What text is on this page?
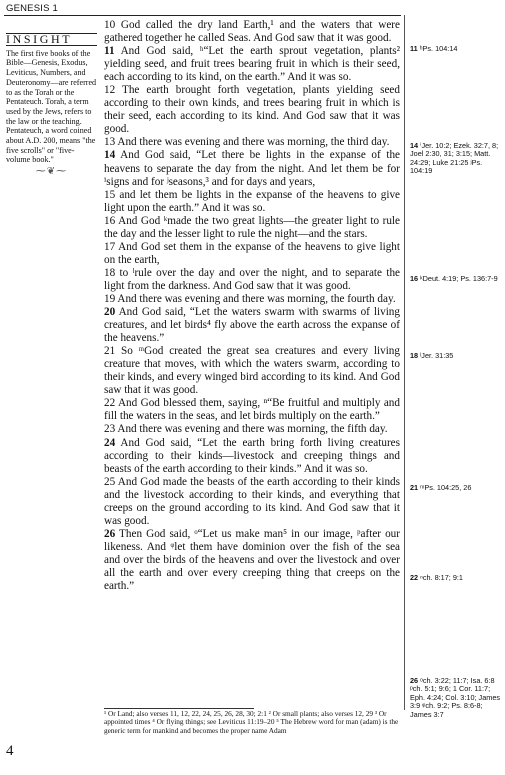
GENESIS 1
INSIGHT
The first five books of the Bible—Genesis, Exodus, Leviticus, Numbers, and Deuteronomy—are referred to as the Torah or the Pentateuch. Torah, a term used by the Jews, refers to the law or the teaching. Pentateuch, a word coined about A.D. 200, means "the five scrolls" or "five-volume book."
⁓❦⁓

10 God called the dry land Earth,¹ and the waters that were gathered together he called Seas. And God saw that it was good.

11 And God said, ʰ“Let the earth sprout vegetation, plants² yielding seed, and fruit trees bearing fruit in which is their seed, each according to its kind, on the earth.” And it was so.

12 The earth brought forth vegetation, plants yielding seed according to their own kinds, and trees bearing fruit in which is their seed, each according to its kind. And God saw that it was good.

13 And there was evening and there was morning, the third day.

14 And God said, “Let there be lights in the expanse of the heavens to separate the day from the night. And let them be for ⁱsigns and for ʲseasons,³ and for days and years,

15 and let them be lights in the expanse of the heavens to give light upon the earth.” And it was so.

16 And God ᵏmade the two great lights—the greater light to rule the day and the lesser light to rule the night—and the stars.

17 And God set them in the expanse of the heavens to give light on the earth,

18 to ˡrule over the day and over the night, and to separate the light from the darkness. And God saw that it was good.

19 And there was evening and there was morning, the fourth day.

20 And God said, “Let the waters swarm with swarms of living creatures, and let birds⁴ fly above the earth across the expanse of the heavens.”

21 So ᵐGod created the great sea creatures and every living creature that moves, with which the waters swarm, according to their kinds, and every winged bird according to its kind. And God saw that it was good.

22 And God blessed them, saying, ⁿ“Be fruitful and multiply and fill the waters in the seas, and let birds multiply on the earth.”

23 And there was evening and there was morning, the fifth day.

24 And God said, “Let the earth bring forth living creatures according to their kinds—livestock and creeping things and beasts of the earth according to their kinds.” And it was so.

25 And God made the beasts of the earth according to their kinds and the livestock according to their kinds, and everything that creeps on the ground according to its kind. And God saw that it was good.

26 Then God said, ᵒ“Let us make man⁵ in our image, ᵖafter our likeness. And ᵠlet them have dominion over the fish of the sea and over the birds of the heavens and over the livestock and over all the earth and over every creeping thing that creeps on the earth.”

11 ʰPs. 104:14
14 ⁱJer. 10:2; Ezek. 32:7, 8; Joel 2:30, 31; 3:15; Matt. 24:29; Luke 21:25 ʲPs. 104:19
16 ᵏDeut. 4:19; Ps. 136:7-9
18 ˡJer. 31:35
21 ᵐPs. 104:25, 26
22 ⁿch. 8:17; 9:1
26 ᵒch. 3:22; 11:7; Isa. 6:8 ᵖch. 5:1; 9:6; 1 Cor. 11:7; Eph. 4:24; Col. 3:10; James 3:9 ᵠch. 9:2; Ps. 8:6-8; James 3:7
¹ Or Land; also verses 11, 12, 22, 24, 25, 26, 28, 30; 2:1 ² Or small plants; also verses 12, 29 ³ Or appointed times ⁴ Or flying things; see Leviticus 11:19–20 ⁵ The Hebrew word for man (adam) is the generic term for mankind and becomes the proper name Adam
4
